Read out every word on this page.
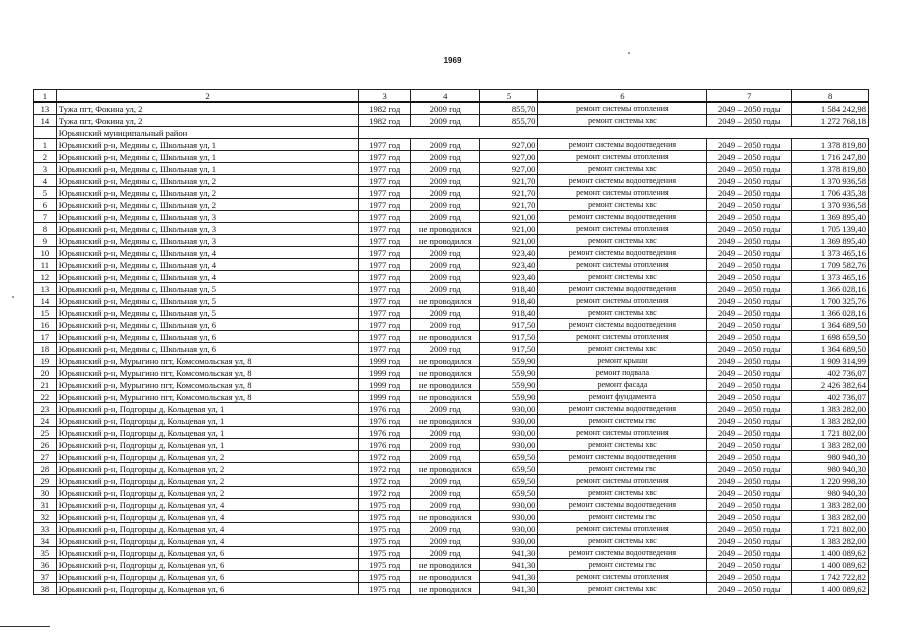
1969
1	2	3	4	5	6	7	8
13	Тужа пгт, Фокина ул, 2	1982 год	2009 год	855,70	ремонт системы отопления	2049 – 2050 годы	1 584 242,98
14	Тужа пгт, Фокина ул, 2	1982 год	2009 год	855,70	ремонт системы хвс	2049 – 2050 годы	1 272 768,18
	Юрьянский муниципальный район						
1	Юрьянский р-н, Медяны с, Школьная ул, 1	1977 год	2009 год	927,00	ремонт системы водоотведения	2049 – 2050 годы	1 378 819,80
2	Юрьянский р-н, Медяны с, Школьная ул, 1	1977 год	2009 год	927,00	ремонт системы отопления	2049 – 2050 годы	1 716 247,80
3	Юрьянский р-н, Медяны с, Школьная ул, 1	1977 год	2009 год	927,00	ремонт системы хвс	2049 – 2050 годы	1 378 819,80
4	Юрьянский р-н, Медяны с, Школьная ул, 2	1977 год	2009 год	921,70	ремонт системы водоотведения	2049 – 2050 годы	1 370 936,58
5	Юрьянский р-н, Медяны с, Школьная ул, 2	1977 год	2009 год	921,70	ремонт системы отопления	2049 – 2050 годы	1 706 435,38
6	Юрьянский р-н, Медяны с, Школьная ул, 2	1977 год	2009 год	921,70	ремонт системы хвс	2049 – 2050 годы	1 370 936,58
7	Юрьянский р-н, Медяны с, Школьная ул, 3	1977 год	2009 год	921,00	ремонт системы водоотведения	2049 – 2050 годы	1 369 895,40
8	Юрьянский р-н, Медяны с, Школьная ул, 3	1977 год	не проводился	921,00	ремонт системы отопления	2049 – 2050 годы	1 705 139,40
9	Юрьянский р-н, Медяны с, Школьная ул, 3	1977 год	не проводился	921,00	ремонт системы хвс	2049 – 2050 годы	1 369 895,40
10	Юрьянский р-н, Медяны с, Школьная ул, 4	1977 год	2009 год	923,40	ремонт системы водоотведения	2049 – 2050 годы	1 373 465,16
11	Юрьянский р-н, Медяны с, Школьная ул, 4	1977 год	2009 год	923,40	ремонт системы отопления	2049 – 2050 годы	1 709 582,76
12	Юрьянский р-н, Медяны с, Школьная ул, 4	1977 год	2009 год	923,40	ремонт системы хвс	2049 – 2050 годы	1 373 465,16
13	Юрьянский р-н, Медяны с, Школьная ул, 5	1977 год	2009 год	918,40	ремонт системы водоотведения	2049 – 2050 годы	1 366 028,16
14	Юрьянский р-н, Медяны с, Школьная ул, 5	1977 год	не проводился	918,40	ремонт системы отопления	2049 – 2050 годы	1 700 325,76
15	Юрьянский р-н, Медяны с, Школьная ул, 5	1977 год	2009 год	918,40	ремонт системы хвс	2049 – 2050 годы	1 366 028,16
16	Юрьянский р-н, Медяны с, Школьная ул, 6	1977 год	2009 год	917,50	ремонт системы водоотведения	2049 – 2050 годы	1 364 689,50
17	Юрьянский р-н, Медяны с, Школьная ул, 6	1977 год	не проводился	917,50	ремонт системы отопления	2049 – 2050 годы	1 698 659,50
18	Юрьянский р-н, Медяны с, Школьная ул, 6	1977 год	2009 год	917,50	ремонт системы хвс	2049 – 2050 годы	1 364 689,50
19	Юрьянский р-н, Мурыгино пгт, Комсомольская ул, 8	1999 год	не проводился	559,90	ремонт крыши	2049 – 2050 годы	1 909 314,99
20	Юрьянский р-н, Мурыгино пгт, Комсомольская ул, 8	1999 год	не проводился	559,90	ремонт подвала	2049 – 2050 годы	402 736,07
21	Юрьянский р-н, Мурыгино пгт, Комсомольская ул, 8	1999 год	не проводился	559,90	ремонт фасада	2049 – 2050 годы	2 426 382,64
22	Юрьянский р-н, Мурыгино пгт, Комсомольская ул, 8	1999 год	не проводился	559,90	ремонт фундамента	2049 – 2050 годы	402 736,07
23	Юрьянский р-н, Подгорцы д, Кольцевая ул, 1	1976 год	2009 год	930,00	ремонт системы водоотведения	2049 – 2050 годы	1 383 282,00
24	Юрьянский р-н, Подгорцы д, Кольцевая ул, 1	1976 год	не проводился	930,00	ремонт системы гвс	2049 – 2050 годы	1 383 282,00
25	Юрьянский р-н, Подгорцы д, Кольцевая ул, 1	1976 год	2009 год	930,00	ремонт системы отопления	2049 – 2050 годы	1 721 802,00
26	Юрьянский р-н, Подгорцы д, Кольцевая ул, 1	1976 год	2009 год	930,00	ремонт системы хвс	2049 – 2050 годы	1 383 282,00
27	Юрьянский р-н, Подгорцы д, Кольцевая ул, 2	1972 год	2009 год	659,50	ремонт системы водоотведения	2049 – 2050 годы	980 940,30
28	Юрьянский р-н, Подгорцы д, Кольцевая ул, 2	1972 год	не проводился	659,50	ремонт системы гвс	2049 – 2050 годы	980 940,30
29	Юрьянский р-н, Подгорцы д, Кольцевая ул, 2	1972 год	2009 год	659,50	ремонт системы отопления	2049 – 2050 годы	1 220 998,30
30	Юрьянский р-н, Подгорцы д, Кольцевая ул, 2	1972 год	2009 год	659,50	ремонт системы хвс	2049 – 2050 годы	980 940,30
31	Юрьянский р-н, Подгорцы д, Кольцевая ул, 4	1975 год	2009 год	930,00	ремонт системы водоотведения	2049 – 2050 годы	1 383 282,00
32	Юрьянский р-н, Подгорцы д, Кольцевая ул, 4	1975 год	не проводился	930,00	ремонт системы гвс	2049 – 2050 годы	1 383 282,00
33	Юрьянский р-н, Подгорцы д, Кольцевая ул, 4	1975 год	2009 год	930,00	ремонт системы отопления	2049 – 2050 годы	1 721 802,00
34	Юрьянский р-н, Подгорцы д, Кольцевая ул, 4	1975 год	2009 год	930,00	ремонт системы хвс	2049 – 2050 годы	1 383 282,00
35	Юрьянский р-н, Подгорцы д, Кольцевая ул, 6	1975 год	2009 год	941,30	ремонт системы водоотведения	2049 – 2050 годы	1 400 089,62
36	Юрьянский р-н, Подгорцы д, Кольцевая ул, 6	1975 год	не проводился	941,30	ремонт системы гвс	2049 – 2050 годы	1 400 089,62
37	Юрьянский р-н, Подгорцы д, Кольцевая ул, 6	1975 год	не проводился	941,30	ремонт системы отопления	2049 – 2050 годы	1 742 722,82
38	Юрьянский р-н, Подгорцы д, Кольцевая ул, 6	1975 год	не проводился	941,30	ремонт системы хвс	2049 – 2050 годы	1 400 089,62
